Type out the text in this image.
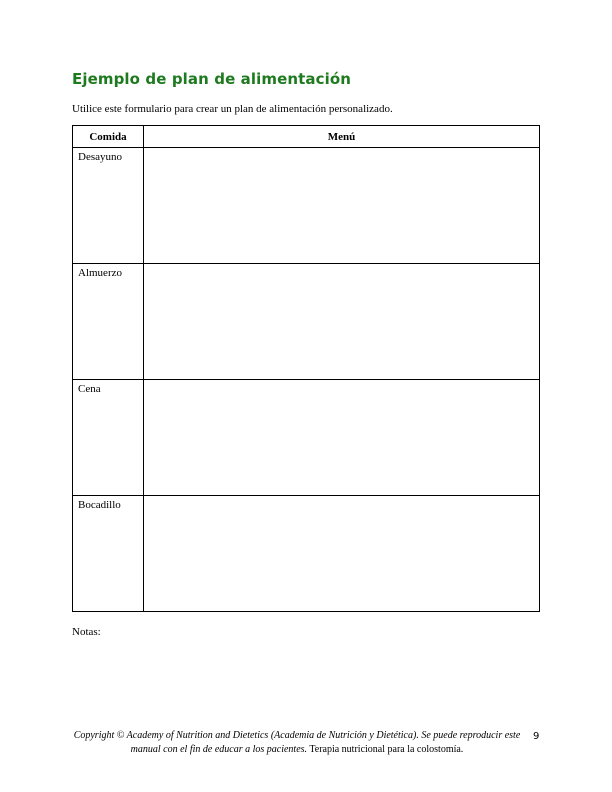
Ejemplo de plan de alimentación
Utilice este formulario para crear un plan de alimentación personalizado.
Comida	Menú
Desayuno	
Almuerzo	
Cena	
Bocadillo	
Notas:
Copyright © Academy of Nutrition and Dietetics (Academia de Nutrición y Dietética). Se puede reproducir este manual con el fin de educar a los pacientes. Terapia nutricional para la colostomía.
9
